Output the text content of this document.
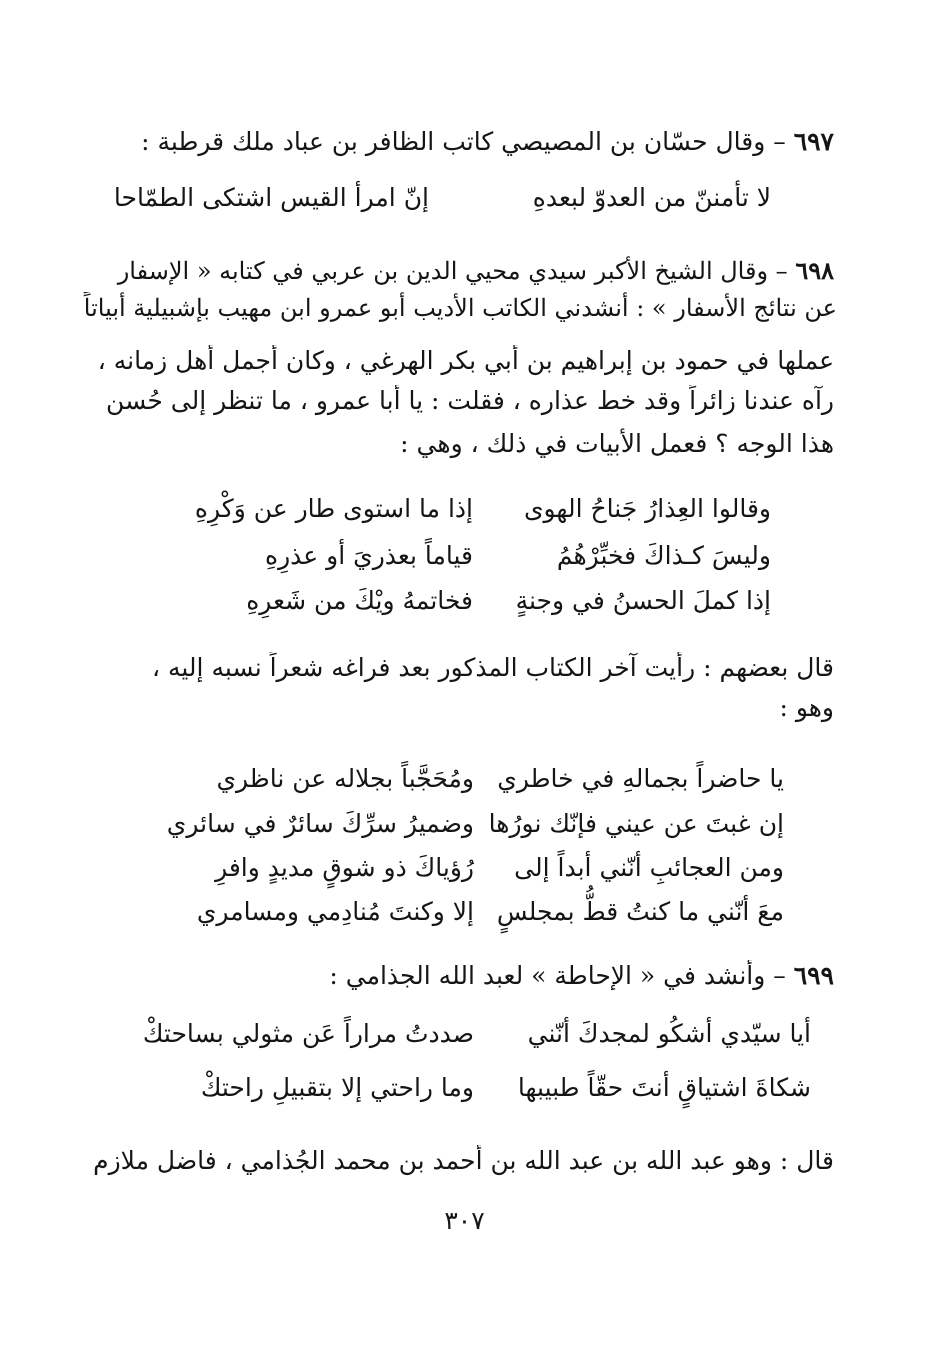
٦٩٧ – وقال حسّان بن المصيصي كاتب الظافر بن عباد ملك قرطبة :
لا تأمننّ من العدوّ لبعدهِ
إنّ امرأ القيس اشتكى الطمّاحا
٦٩٨ – وقال الشيخ الأكبر سيدي محيي الدين بن عربي في كتابه « الإسفار
عن نتائج الأسفار » : أنشدني الكاتب الأديب أبو عمرو ابن مهيب بإشبيلية أبياتاً
عملها في حمود بن إبراهيم بن أبي بكر الهرغي ، وكان أجمل أهل زمانه ،
رآه عندنا زائراً وقد خط عذاره ، فقلت : يا أبا عمرو ، ما تنظر إلى حُسن
هذا الوجه ؟ فعمل الأبيات في ذلك ، وهي :
وقالوا العِذارُ جَناحُ الهوى
إذا ما استوى طار عن وَكْرِهِ
وليسَ كـذاكَ فخبِّرْهُمُ
قياماً بعذريَ أو عذرِهِ
إذا كملَ الحسنُ في وجنةٍ
فخاتمهُ ويْكَ من شَعرِهِ
قال بعضهم : رأيت آخر الكتاب المذكور بعد فراغه شعراً نسبه إليه ،
وهو :
يا حاضراً بجمالهِ في خاطري
ومُحَجَّباً بجلاله عن ناظري
إن غبتَ عن عيني فإنّك نورُها
وضميرُ سرِّكَ سائرٌ في سائري
ومن العجائبِ أنّني أبداً إلى
رُؤياكَ ذو شوقٍ مديدٍ وافرِ
معَ أنّني ما كنتُ قطُّ بمجلسٍ
إلا وكنتَ مُنادِمي ومسامري
٦٩٩ – وأنشد في « الإحاطة » لعبد الله الجذامي :
أيا سيّدي أشكُو لمجدكَ أنّني
صددتُ مراراً عَن مثولي بساحتكْ
شكاةَ اشتياقٍ أنتَ حقّاً طبيبها
وما راحتي إلا بتقبيلِ راحتكْ
قال : وهو عبد الله بن عبد الله بن أحمد بن محمد الجُذامي ، فاضل ملازم
٣٠٧
